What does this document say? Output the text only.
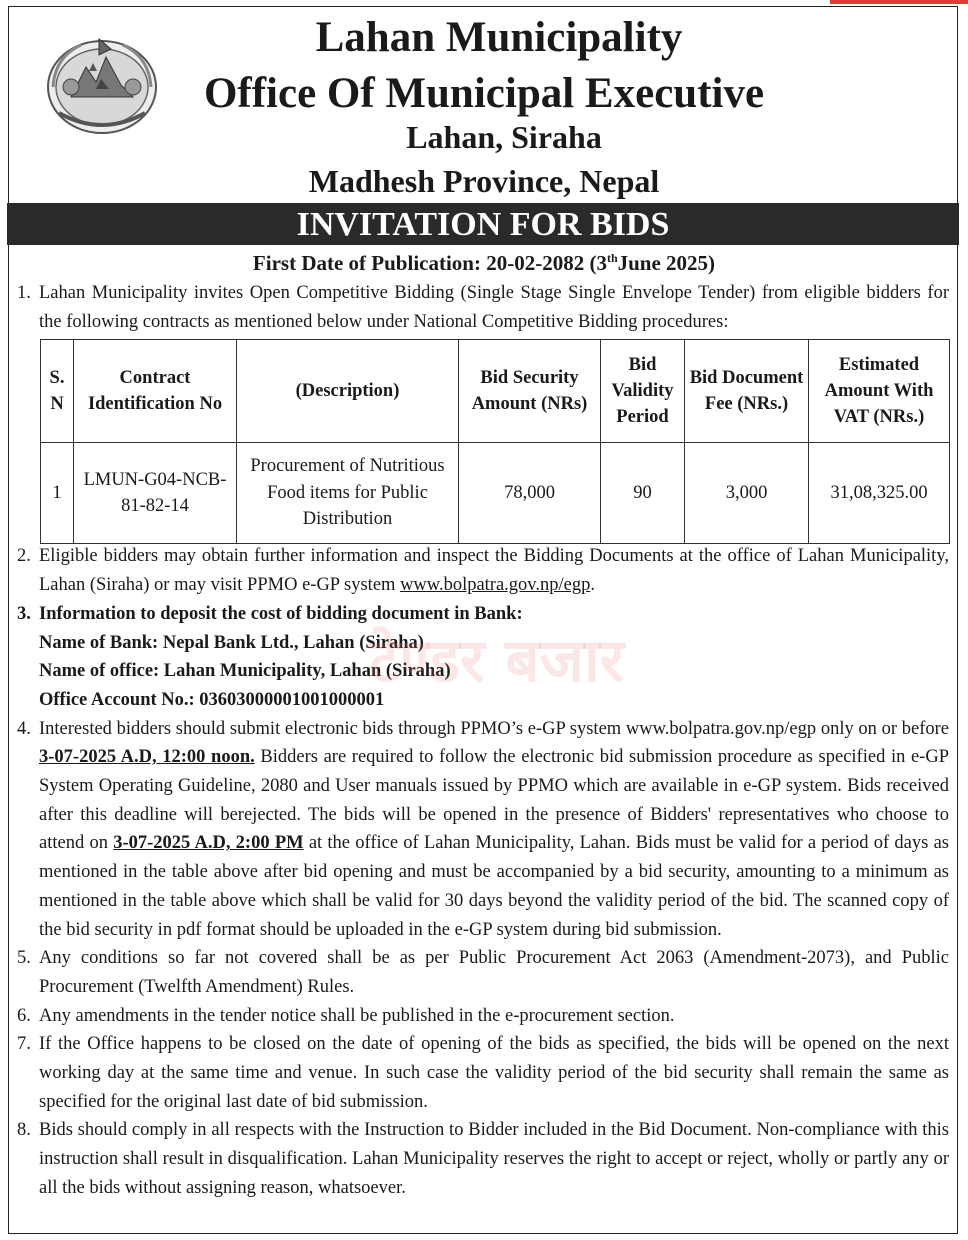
Lahan Municipality
Office Of Municipal Executive
Lahan, Siraha
Madhesh Province, Nepal
INVITATION FOR BIDS
First Date of Publication: 20-02-2082 (3thJune 2025)
1. Lahan Municipality invites Open Competitive Bidding (Single Stage Single Envelope Tender) from eligible bidders for the following contracts as mentioned below under National Competitive Bidding procedures:
2. Eligible bidders may obtain further information and inspect the Bidding Documents at the office of Lahan Municipality, Lahan (Siraha) or may visit PPMO e-GP system www.bolpatra.gov.np/egp.
3. Information to deposit the cost of bidding document in Bank:
Name of Bank: Nepal Bank Ltd., Lahan (Siraha)
Name of office: Lahan Municipality, Lahan (Siraha)
Office Account No.: 03603000001001000001
4. Interested bidders should submit electronic bids through PPMO’s e-GP system www.bolpatra.gov.np/egp only on or before 3-07-2025 A.D, 12:00 noon. Bidders are required to follow the electronic bid submission procedure as specified in e-GP System Operating Guideline, 2080 and User manuals issued by PPMO which are available in e-GP system. Bids received after this deadline will berejected. The bids will be opened in the presence of Bidders' representatives who choose to attend on 3-07-2025 A.D, 2:00 PM at the office of Lahan Municipality, Lahan. Bids must be valid for a period of days as mentioned in the table above after bid opening and must be accompanied by a bid security, amounting to a minimum as mentioned in the table above which shall be valid for 30 days beyond the validity period of the bid. The scanned copy of the bid security in pdf format should be uploaded in the e-GP system during bid submission.
5. Any conditions so far not covered shall be as per Public Procurement Act 2063 (Amendment-2073), and Public Procurement (Twelfth Amendment) Rules.
6. Any amendments in the tender notice shall be published in the e-procurement section.
7. If the Office happens to be closed on the date of opening of the bids as specified, the bids will be opened on the next working day at the same time and venue. In such case the validity period of the bid security shall remain the same as specified for the original last date of bid submission.
8. Bids should comply in all respects with the Instruction to Bidder included in the Bid Document. Non-compliance with this instruction shall result in disqualification. Lahan Municipality reserves the right to accept or reject, wholly or partly any or all the bids without assigning reason, whatsoever.
S. N	Contract Identification No	(Description)	Bid Security Amount (NRs)	Bid Validity Period	Bid Document Fee (NRs.)	Estimated Amount With VAT (NRs.)
1	LMUN-G04-NCB-81-82-14	Procurement of Nutritious Food items for Public Distribution	78,000	90	3,000	31,08,325.00
टेण्डर बजार
